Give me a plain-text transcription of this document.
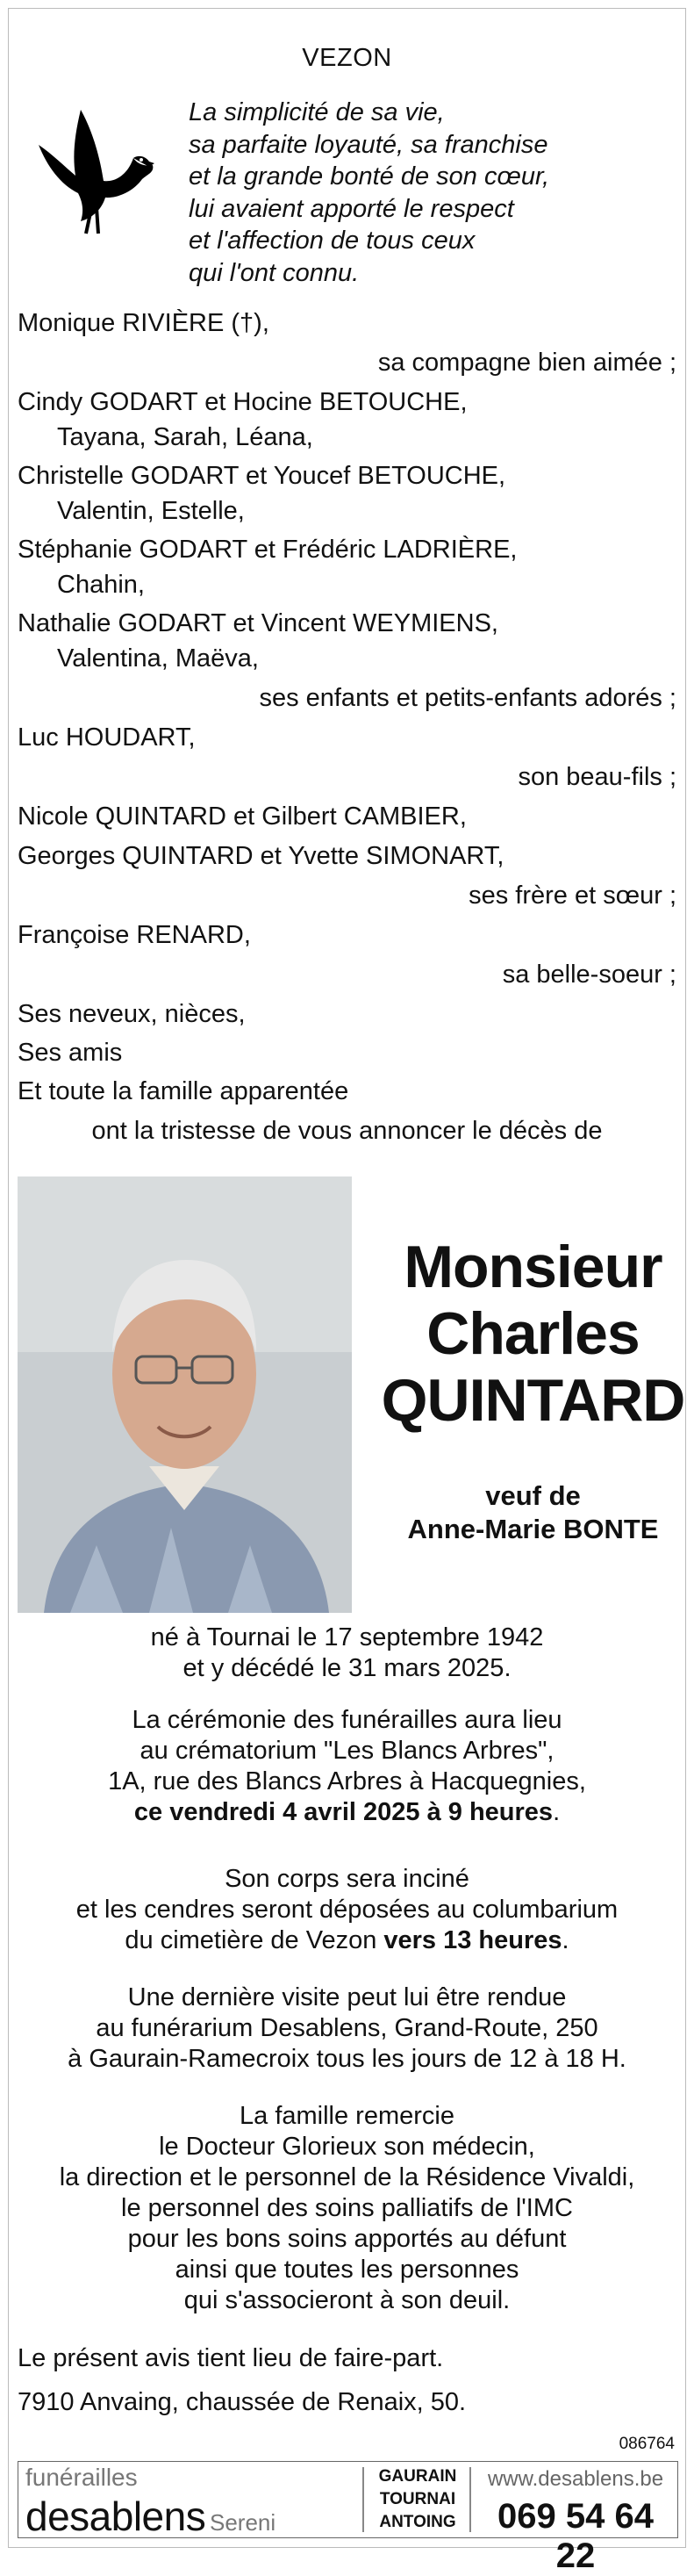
VEZON
La simplicité de sa vie,
sa parfaite loyauté, sa franchise
et la grande bonté de son cœur,
lui avaient apporté le respect
et l'affection de tous ceux
qui l'ont connu.
Monique RIVIÈRE (†),
sa compagne bien aimée ;
Cindy GODART et Hocine BETOUCHE,
Tayana, Sarah, Léana,
Christelle GODART et Youcef BETOUCHE,
Valentin, Estelle,
Stéphanie GODART et Frédéric LADRIÈRE,
Chahin,
Nathalie GODART et Vincent WEYMIENS,
Valentina, Maëva,
ses enfants et petits-enfants adorés ;
Luc HOUDART,
son beau-fils ;
Nicole QUINTARD et Gilbert CAMBIER,
Georges QUINTARD et Yvette SIMONART,
ses frère et sœur ;
Françoise RENARD,
sa belle-soeur ;
Ses neveux, nièces,
Ses amis
Et toute la famille apparentée
ont la tristesse de vous annoncer le décès de
Monsieur
Charles
QUINTARD
veuf de
Anne-Marie BONTE
né à Tournai le 17 septembre 1942
et y décédé le 31 mars 2025.
La cérémonie des funérailles aura lieu
au crématorium "Les Blancs Arbres",
1A, rue des Blancs Arbres à Hacquegnies,
ce vendredi 4 avril 2025 à 9 heures.
Son corps sera inciné
et les cendres seront déposées au columbarium
du cimetière de Vezon vers 13 heures.
Une dernière visite peut lui être rendue
au funérarium Desablens, Grand-Route, 250
à Gaurain-Ramecroix tous les jours de 12 à 18 H.
La famille remercie
le Docteur Glorieux son médecin,
la direction et le personnel de la Résidence Vivaldi,
le personnel des soins palliatifs de l'IMC
pour les bons soins apportés au défunt
ainsi que toutes les personnes
qui s'associeront à son deuil.
Le présent avis tient lieu de faire-part.
7910 Anvaing, chaussée de Renaix, 50.
086764
funérailles
desablens Sereni
GAURAIN
TOURNAI
ANTOING
www.desablens.be
069 54 64 22
